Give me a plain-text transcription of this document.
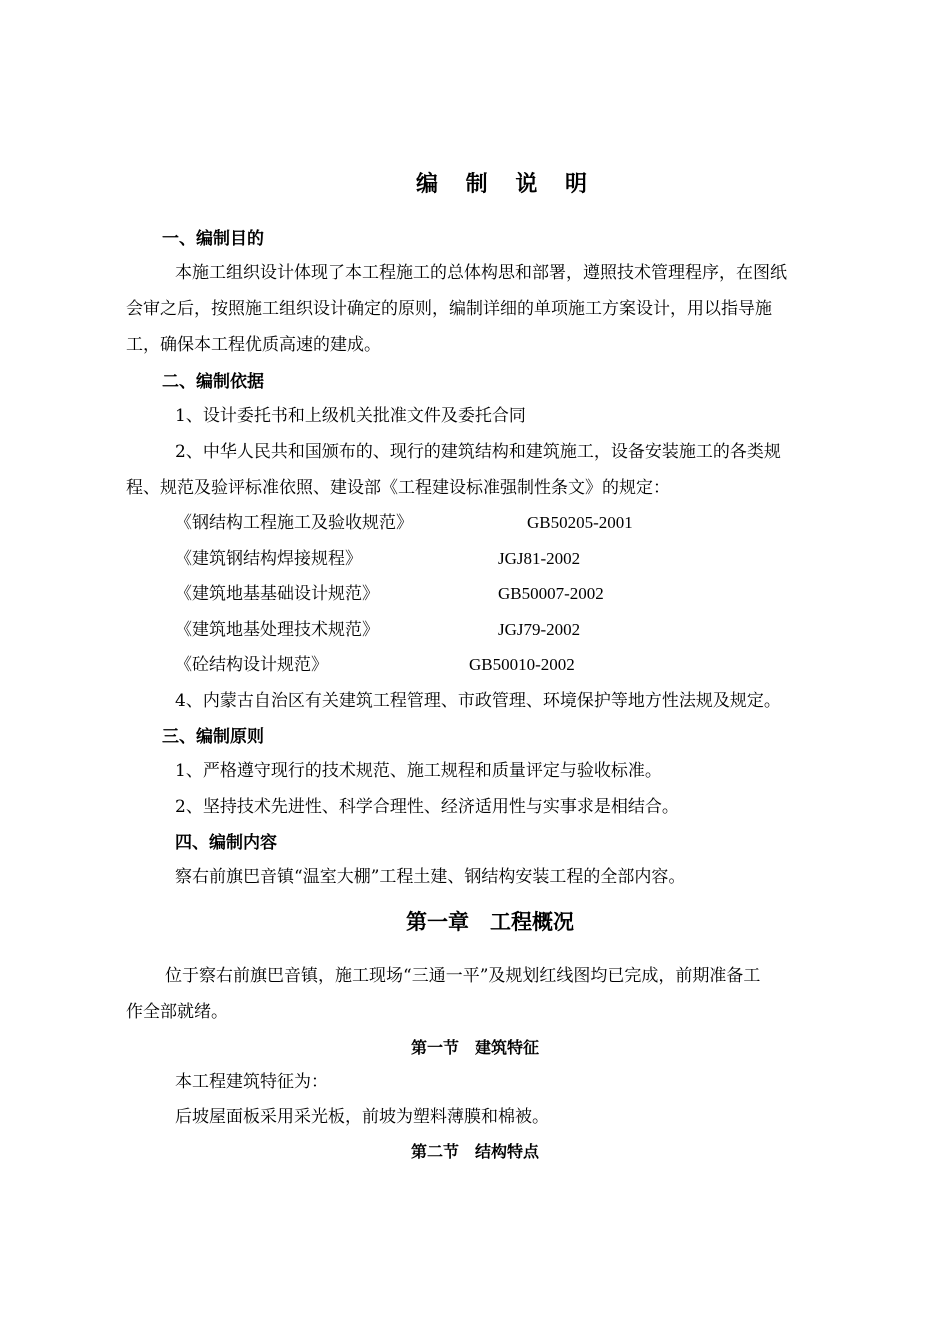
编 制 说 明
一、编制目的
本施工组织设计体现了本工程施工的总体构思和部署，遵照技术管理程序，在图纸
会审之后，按照施工组织设计确定的原则，编制详细的单项施工方案设计，用以指导施
工，确保本工程优质高速的建成。
二、编制依据
1、设计委托书和上级机关批准文件及委托合同
2、中华人民共和国颁布的、现行的建筑结构和建筑施工，设备安装施工的各类规
程、规范及验评标准依照、建设部《工程建设标准强制性条文》的规定：
《钢结构工程施工及验收规范》	GB50205-2001
《建筑钢结构焊接规程》	JGJ81-2002
《建筑地基基础设计规范》	GB50007-2002
《建筑地基处理技术规范》	JGJ79-2002
《砼结构设计规范》	GB50010-2002
4、内蒙古自治区有关建筑工程管理、市政管理、环境保护等地方性法规及规定。
三、编制原则
1、严格遵守现行的技术规范、施工规程和质量评定与验收标准。
2、坚持技术先进性、科学合理性、经济适用性与实事求是相结合。
四、编制内容
察右前旗巴音镇“温室大棚”工程土建、钢结构安装工程的全部内容。
第一章　工程概况
位于察右前旗巴音镇，施工现场“三通一平”及规划红线图均已完成，前期准备工
作全部就绪。
第一节　建筑特征
本工程建筑特征为：
后坡屋面板采用采光板，前坡为塑料薄膜和棉被。
第二节　结构特点
